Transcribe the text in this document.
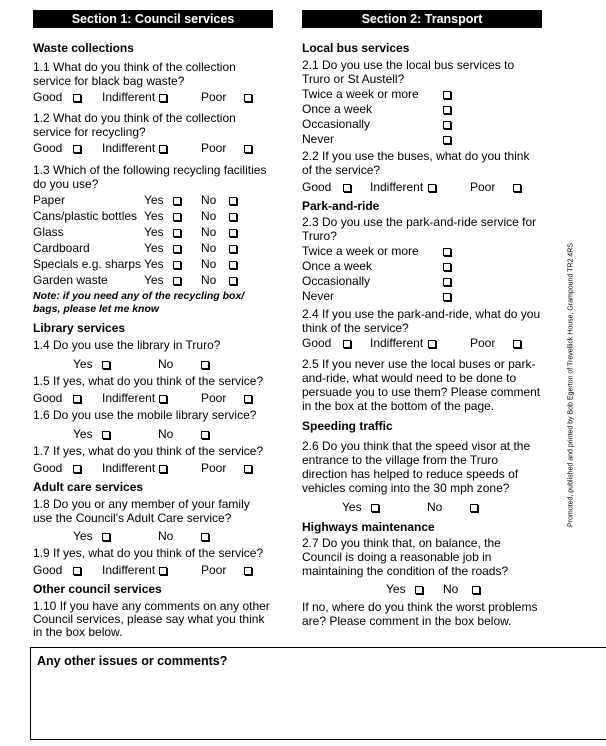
Section 1: Council services
Waste collections
1.1 What do you think of the collection
service for black bag waste?
Good	Indifferent	Poor
1.2 What do you think of the collection
service for recycling?
Good	Indifferent	Poor
1.3 Which of the following recycling facilities
do you use?
Paper	Yes	No
Cans/plastic bottles Yes	No
Glass	Yes	No
Cardboard	Yes	No
Specials e.g. sharps Yes	No
Garden waste	Yes	No
Note: if you need any of the recycling box/
bags, please let me know
Library services
1.4 Do you use the library in Truro?
Yes	No
1.5 If yes, what do you think of the service?
Good	Indifferent	Poor
1.6 Do you use the mobile library service?
Yes	No
1.7 If yes, what do you think of the service?
Good	Indifferent	Poor
Adult care services
1.8 Do you or any member of your family
use the Council's Adult Care service?
Yes	No
1.9 If yes, what do you think of the service?
Good	Indifferent	Poor
Other council services
1.10 If you have any comments on any other
Council services, please say what you think
in the box below.
Section 2: Transport
Local bus services
2.1 Do you use the local bus services to
Truro or St Austell?
Twice a week or more
Once a week
Occasionally
Never
2.2 If you use the buses, what do you think
of the service?
Good	Indifferent	Poor
Park-and-ride
2.3 Do you use the park-and-ride service for
Truro?
Twice a week or more
Once a week
Occasionally
Never
2.4 If you use the park-and-ride, what do you
think of the service?
Good	Indifferent	Poor
2.5 If you never use the local buses or park-
and-ride, what would need to be done to
persuade you to use them? Please comment
in the box at the bottom of the page.
Speeding traffic
2.6 Do you think that the speed visor at the
entrance to the village from the Truro
direction has helped to reduce speeds of
vehicles coming into the 30 mph zone?
Yes	No
Highways maintenance
2.7 Do you think that, on balance, the
Council is doing a reasonable job in
maintaining the condition of the roads?
Yes	No
If no, where do you think the worst problems
are? Please comment in the box below.
Promoted, published and printed by Bob Egerton of Trevellick House, Grampound TR2 4RS
Any other issues or comments?
